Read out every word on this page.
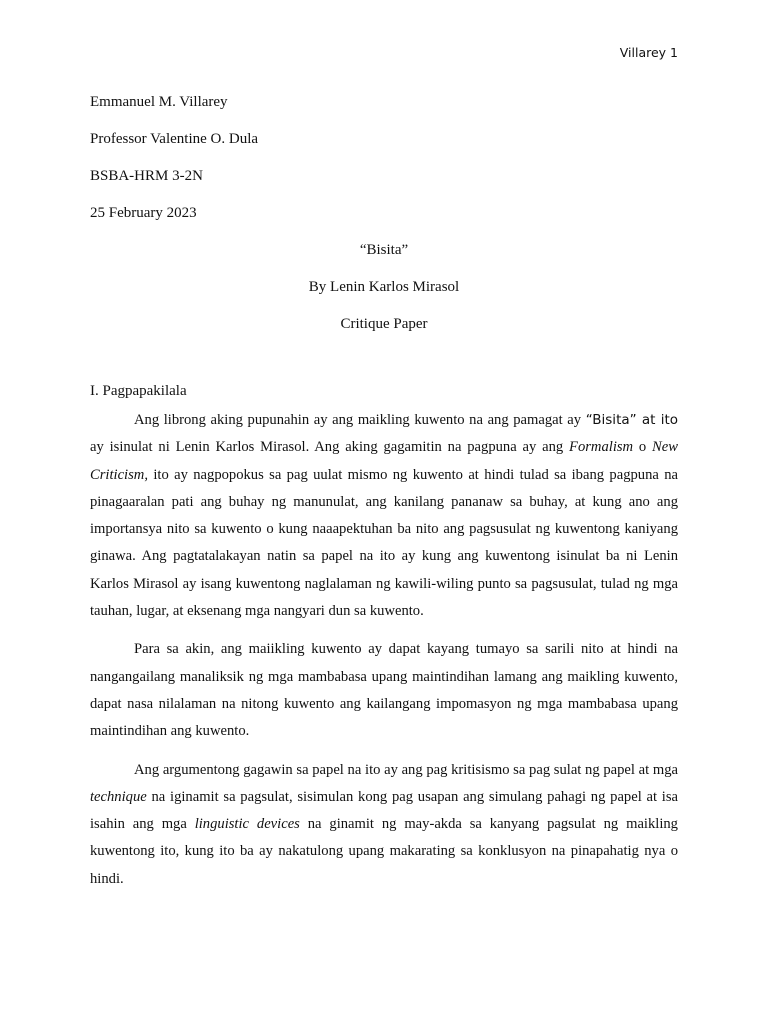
Villarey 1
Emmanuel M. Villarey
Professor Valentine O. Dula
BSBA-HRM 3-2N
25 February 2023
“Bisita”
By Lenin Karlos Mirasol
Critique Paper
I. Pagpapakilala

Ang librong aking pupunahin ay ang maikling kuwento na ang pamagat ay “Bisita” at ito ay isinulat ni Lenin Karlos Mirasol. Ang aking gagamitin na pagpuna ay ang Formalism o New Criticism, ito ay nagpopokus sa pag uulat mismo ng kuwento at hindi tulad sa ibang pagpuna na pinagaaralan pati ang buhay ng manunulat, ang kanilang pananaw sa buhay, at kung ano ang importansya nito sa kuwento o kung naaapektuhan ba nito ang pagsusulat ng kuwentong kaniyang ginawa. Ang pagtatalakayan natin sa papel na ito ay kung ang kuwentong isinulat ba ni Lenin Karlos Mirasol ay isang kuwentong naglalaman ng kawili-wiling punto sa pagsusulat, tulad ng mga tauhan, lugar, at eksenang mga nangyari dun sa kuwento.

Para sa akin, ang maiikling kuwento ay dapat kayang tumayo sa sarili nito at hindi na nangangailang manaliksik ng mga mambabasa upang maintindihan lamang ang maikling kuwento, dapat nasa nilalaman na nitong kuwento ang kailangang impomasyon ng mga mambabasa upang maintindihan ang kuwento.

Ang argumentong gagawin sa papel na ito ay ang pag kritisismo sa pag sulat ng papel at mga technique na iginamit sa pagsulat, sisimulan kong pag usapan ang simulang pahagi ng papel at isa isahin ang mga linguistic devices na ginamit ng may-akda sa kanyang pagsulat ng maikling kuwentong ito, kung ito ba ay nakatulong upang makarating sa konklusyon na pinapahatig nya o hindi.
